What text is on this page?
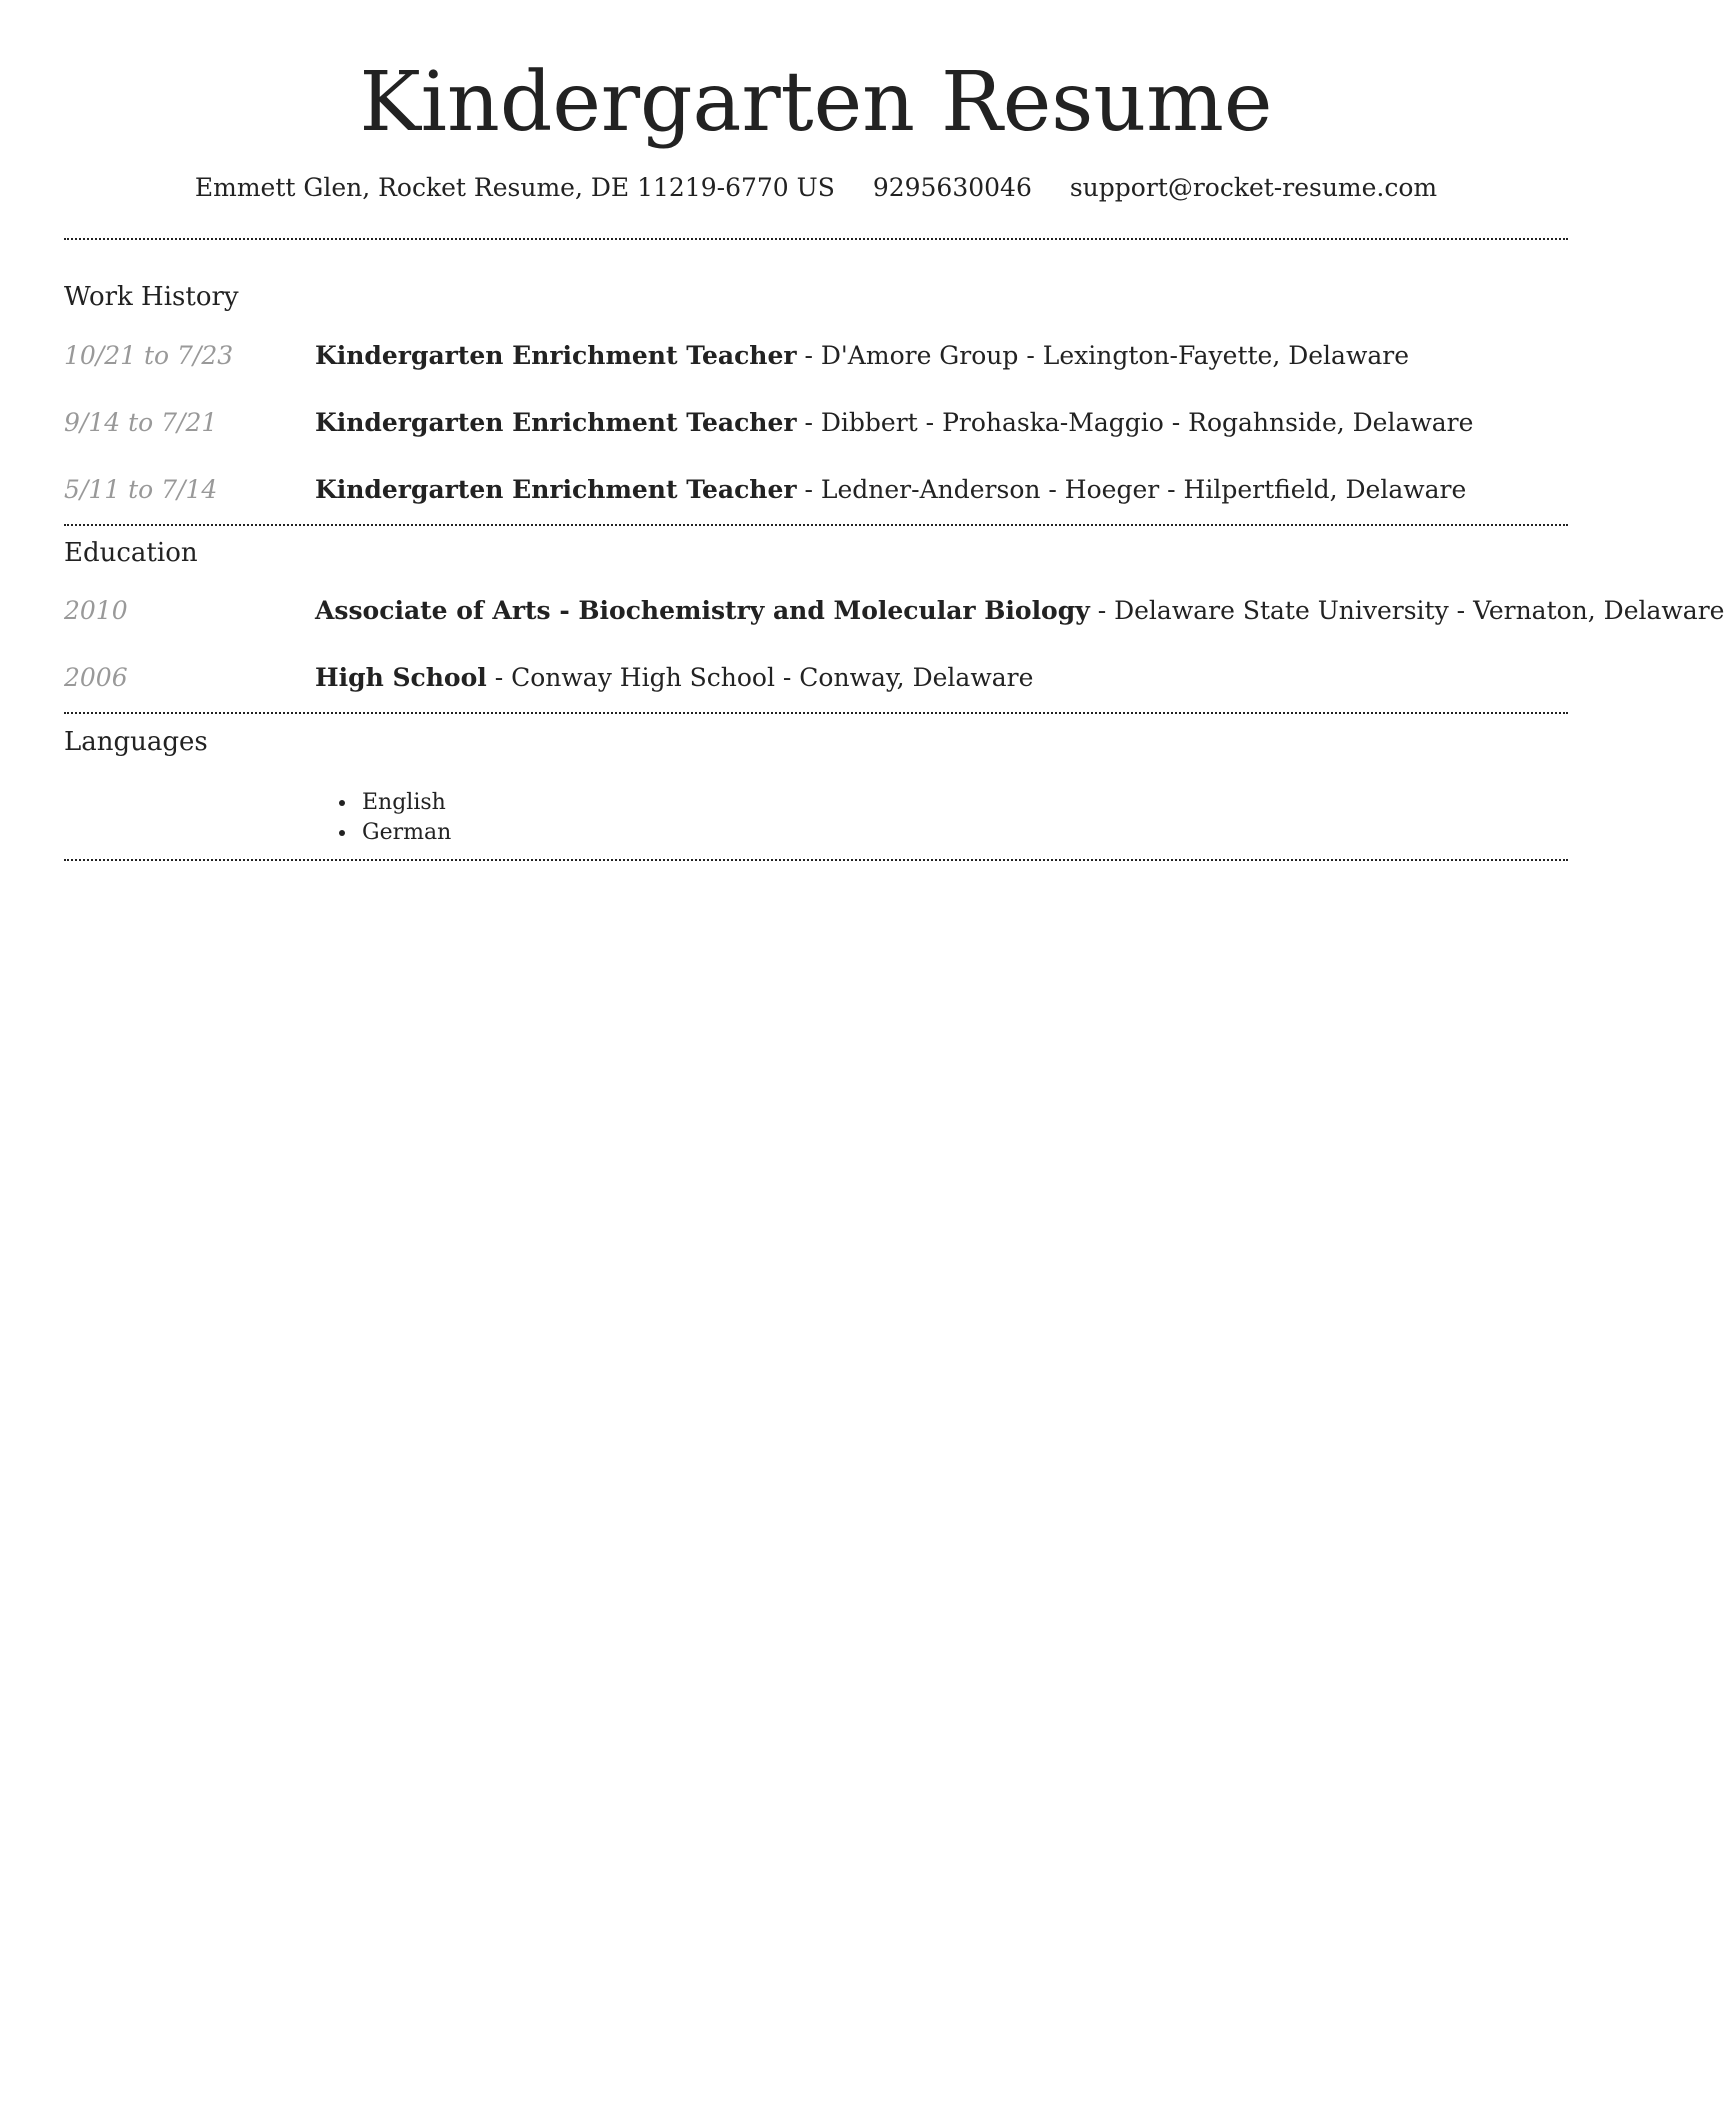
Kindergarten Resume
Emmett Glen, Rocket Resume, DE 11219-6770 US 9295630046 support@rocket-resume.com
Work History
10/21 to 7/23	Kindergarten Enrichment Teacher - D'Amore Group - Lexington-Fayette, Delaware
9/14 to 7/21	Kindergarten Enrichment Teacher - Dibbert - Prohaska-Maggio - Rogahnside, Delaware
5/11 to 7/14	Kindergarten Enrichment Teacher - Ledner-Anderson - Hoeger - Hilpertfield, Delaware
Education
2010	Associate of Arts - Biochemistry and Molecular Biology - Delaware State University - Vernaton, Delaware
2006	High School - Conway High School - Conway, Delaware
Languages
• English
• German
